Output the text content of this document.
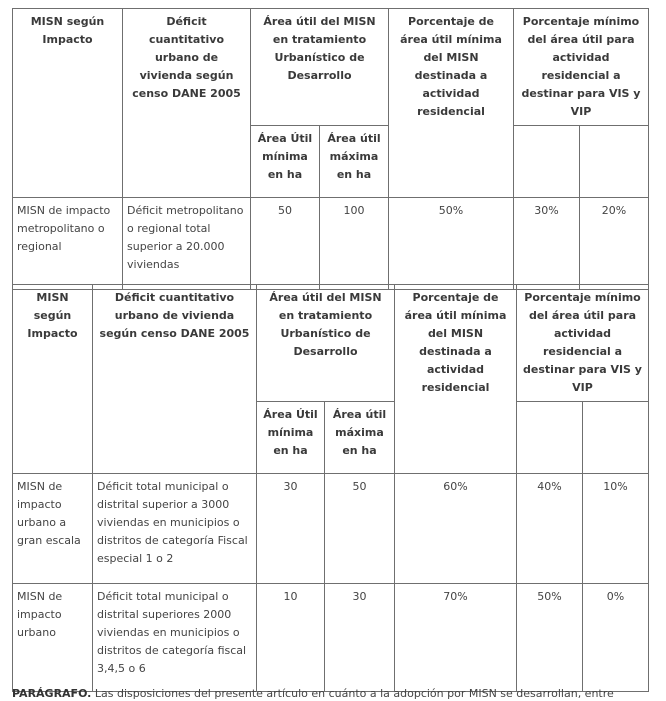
MISN según Impacto	Déficit cuantitativo urbano de vivienda según censo DANE 2005	Área útil del MISN en tratamiento Urbanístico de Desarrollo		Porcentaje de área útil mínima del MISN destinada a actividad residencial	Porcentaje mínimo del área útil para actividad residencial a destinar para VIS y VIP	
		Área Útil mínima en ha	Área útil máxima en ha			
MISN de impacto metropolitano o regional	Déficit metropolitano o regional total superior a 20.000 viviendas	50	100	50%	30%	20%
MISN según Impacto	Déficit cuantitativo urbano de vivienda según censo DANE 2005	Área útil del MISN en tratamiento Urbanístico de Desarrollo		Porcentaje de área útil mínima del MISN destinada a actividad residencial	Porcentaje mínimo del área útil para actividad residencial a destinar para VIS y VIP	
		Área Útil mínima en ha	Área útil máxima en ha			
MISN de impacto urbano a gran escala	Déficit total municipal o distrital superior a 3000 viviendas en municipios o distritos de categoría Fiscal especial 1 o 2	30	50	60%	40%	10%
MISN de impacto urbano	Déficit total municipal o distrital superiores 2000 viviendas en municipios o distritos de categoría fiscal 3,4,5 o 6	10	30	70%	50%	0%
PARÁGRAFO. Las disposiciones del presente artículo en cuánto a la adopción por MISN se desarrollan, entre
